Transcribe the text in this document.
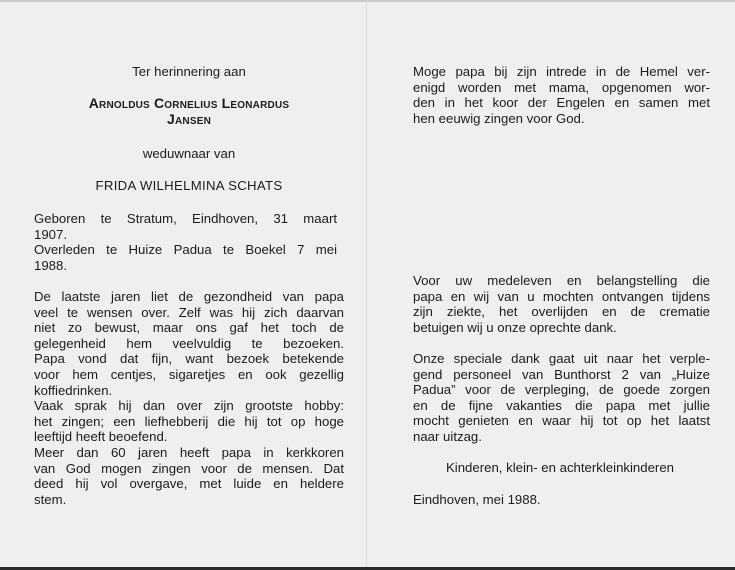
Ter herinnering aan
Arnoldus Cornelius Leonardus
Jansen
weduwnaar van
FRIDA WILHELMINA SCHATS
Geboren te Stratum, Eindhoven, 31 maart
1907.
Overleden te Huize Padua te Boekel 7 mei
1988.
De laatste jaren liet de gezondheid van papa
veel te wensen over. Zelf was hij zich daarvan
niet zo bewust, maar ons gaf het toch de
gelegenheid hem veelvuldig te bezoeken.
Papa vond dat fijn, want bezoek betekende
voor hem centjes, sigaretjes en ook gezellig
koffiedrinken.
Vaak sprak hij dan over zijn grootste hobby:
het zingen; een liefhebberij die hij tot op hoge
leeftijd heeft beoefend.
Meer dan 60 jaren heeft papa in kerkkoren
van God mogen zingen voor de mensen. Dat
deed hij vol overgave, met luide en heldere
stem.
Moge papa bij zijn intrede in de Hemel ver-
enigd worden met mama, opgenomen wor-
den in het koor der Engelen en samen met
hen eeuwig zingen voor God.
Voor uw medeleven en belangstelling die
papa en wij van u mochten ontvangen tijdens
zijn ziekte, het overlijden en de crematie
betuigen wij u onze oprechte dank.
Onze speciale dank gaat uit naar het verple-
gend personeel van Bunthorst 2 van „Huize
Padua” voor de verpleging, de goede zorgen
en de fijne vakanties die papa met jullie
mocht genieten en waar hij tot op het laatst
naar uitzag.
Kinderen, klein- en achterkleinkinderen
Eindhoven, mei 1988.
